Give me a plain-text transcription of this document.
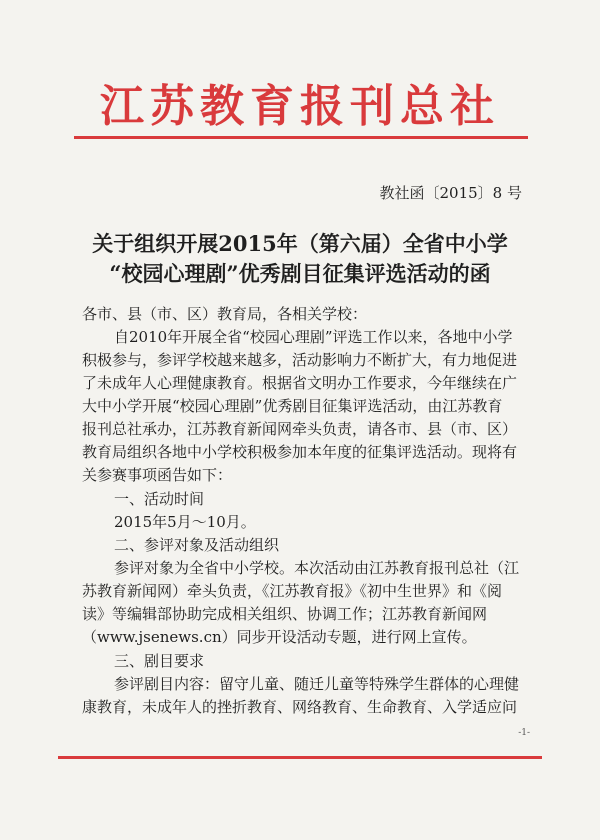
江苏教育报刊总社
教社函〔2015〕8 号
关于组织开展2015年（第六届）全省中小学
“校园心理剧”优秀剧目征集评选活动的函
各市、县（市、区）教育局，各相关学校：
自2010年开展全省“校园心理剧”评选工作以来，各地中小学
积极参与，参评学校越来越多，活动影响力不断扩大，有力地促进
了未成年人心理健康教育。根据省文明办工作要求，今年继续在广
大中小学开展“校园心理剧”优秀剧目征集评选活动，由江苏教育
报刊总社承办，江苏教育新闻网牵头负责，请各市、县（市、区）
教育局组织各地中小学校积极参加本年度的征集评选活动。现将有
关参赛事项函告如下：
一、活动时间
2015年5月～10月。
二、参评对象及活动组织
参评对象为全省中小学校。本次活动由江苏教育报刊总社（江
苏教育新闻网）牵头负责，《江苏教育报》《初中生世界》和《阅
读》等编辑部协助完成相关组织、协调工作；江苏教育新闻网
（www.jsenews.cn）同步开设活动专题，进行网上宣传。
三、剧目要求
参评剧目内容：留守儿童、随迁儿童等特殊学生群体的心理健
康教育，未成年人的挫折教育、网络教育、生命教育、入学适应问
-1-
